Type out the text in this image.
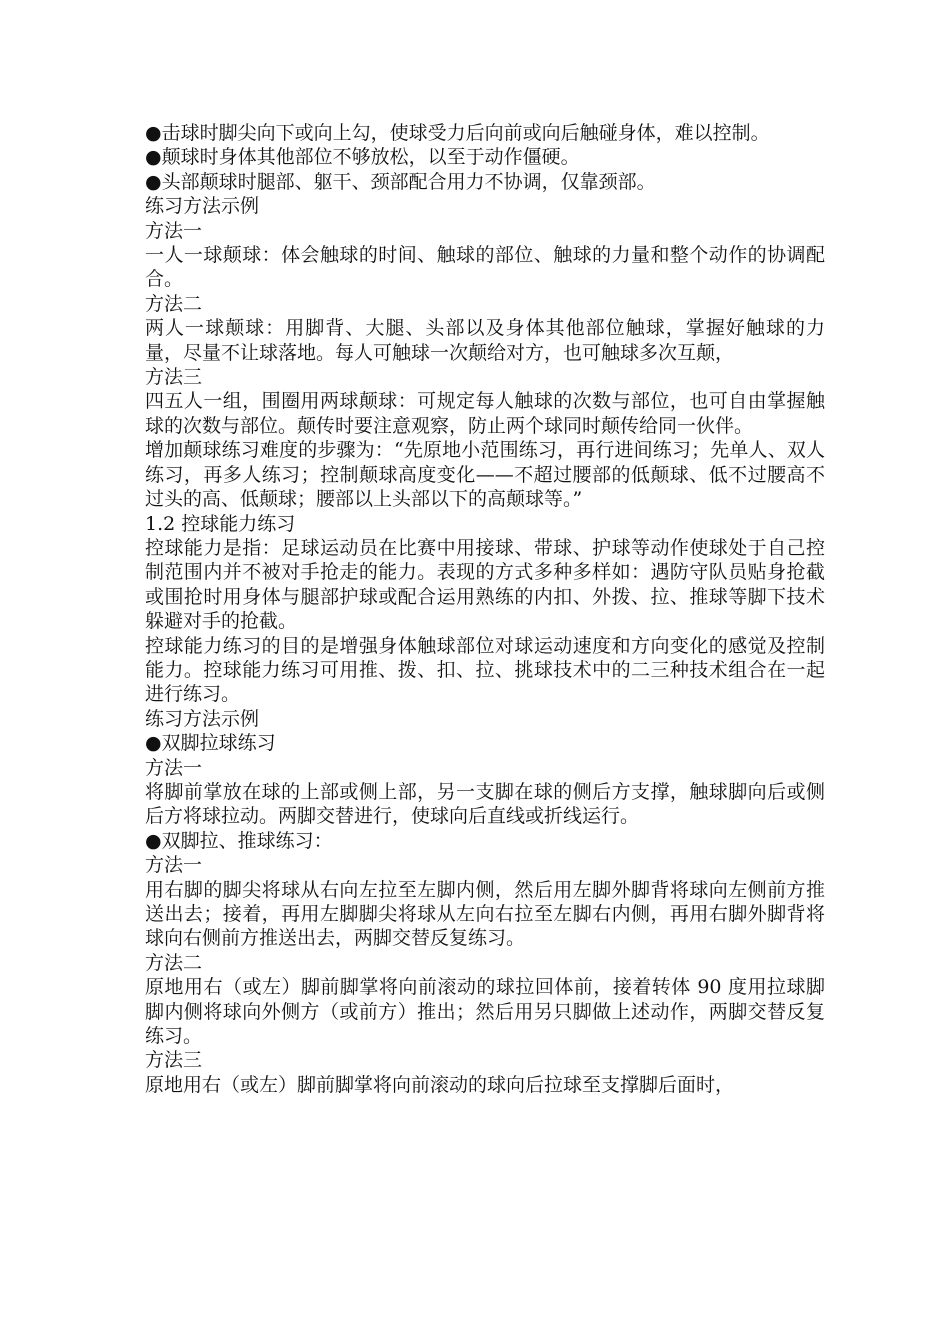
●击球时脚尖向下或向上勾，使球受力后向前或向后触碰身体，难以控制。

●颠球时身体其他部位不够放松，以至于动作僵硬。

●头部颠球时腿部、躯干、颈部配合用力不协调，仅靠颈部。

练习方法示例

方法一

一人一球颠球：体会触球的时间、触球的部位、触球的力量和整个动作的协调配合。

方法二

两人一球颠球：用脚背、大腿、头部以及身体其他部位触球，掌握好触球的力量，尽量不让球落地。每人可触球一次颠给对方，也可触球多次互颠，

方法三

四五人一组，围圈用两球颠球：可规定每人触球的次数与部位，也可自由掌握触球的次数与部位。颠传时要注意观察，防止两个球同时颠传给同一伙伴。

增加颠球练习难度的步骤为：“先原地小范围练习，再行进间练习；先单人、双人练习，再多人练习；控制颠球高度变化——不超过腰部的低颠球、低不过腰高不过头的高、低颠球；腰部以上头部以下的高颠球等。”

1.2 控球能力练习

控球能力是指：足球运动员在比赛中用接球、带球、护球等动作使球处于自己控制范围内并不被对手抢走的能力。表现的方式多种多样如：遇防守队员贴身抢截或围抢时用身体与腿部护球或配合运用熟练的内扣、外拨、拉、推球等脚下技术躲避对手的抢截。

控球能力练习的目的是增强身体触球部位对球运动速度和方向变化的感觉及控制能力。控球能力练习可用推、拨、扣、拉、挑球技术中的二三种技术组合在一起进行练习。

练习方法示例

●双脚拉球练习

方法一

将脚前掌放在球的上部或侧上部，另一支脚在球的侧后方支撑，触球脚向后或侧后方将球拉动。两脚交替进行，使球向后直线或折线运行。

●双脚拉、推球练习：

方法一

用右脚的脚尖将球从右向左拉至左脚内侧，然后用左脚外脚背将球向左侧前方推送出去；接着，再用左脚脚尖将球从左向右拉至左脚右内侧，再用右脚外脚背将球向右侧前方推送出去，两脚交替反复练习。

方法二

原地用右（或左）脚前脚掌将向前滚动的球拉回体前，接着转体 90 度用拉球脚脚内侧将球向外侧方（或前方）推出；然后用另只脚做上述动作，两脚交替反复练习。

方法三

原地用右（或左）脚前脚掌将向前滚动的球向后拉球至支撑脚后面时，
